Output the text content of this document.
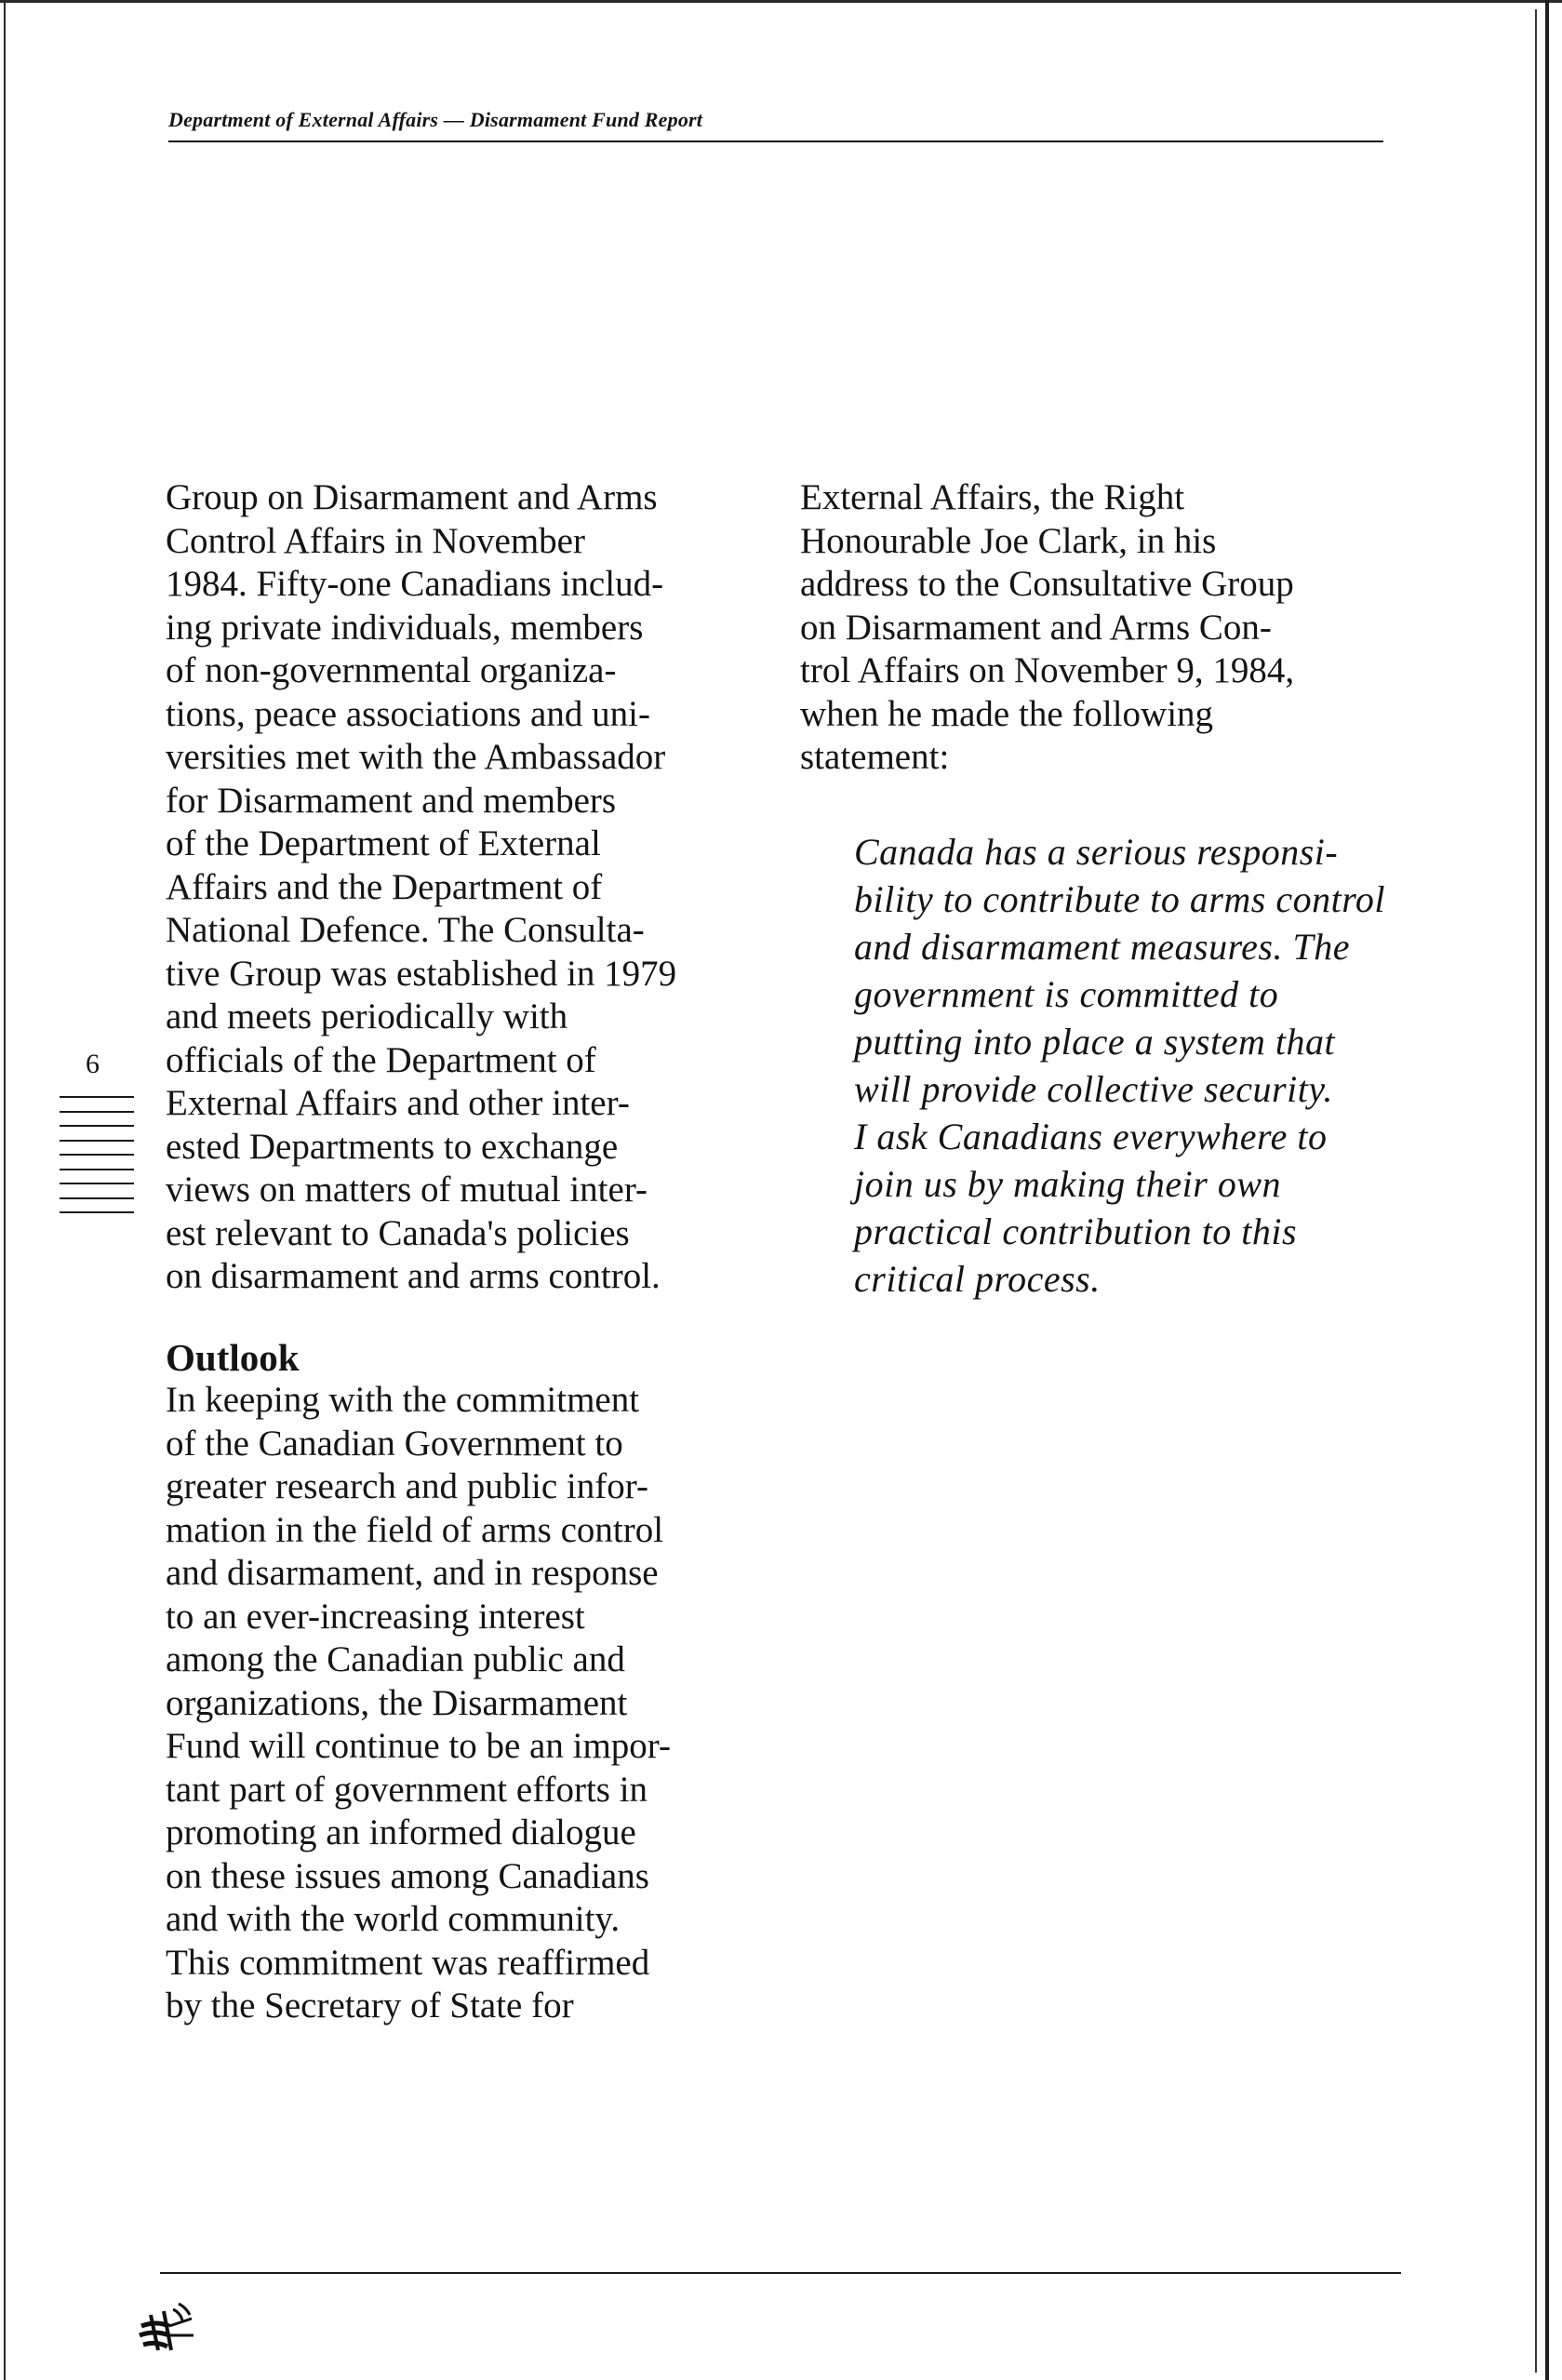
Department of External Affairs — Disarmament Fund Report
6
Group on Disarmament and Arms
Control Affairs in November
1984. Fifty-one Canadians includ-
ing private individuals, members
of non-governmental organiza-
tions, peace associations and uni-
versities met with the Ambassador
for Disarmament and members
of the Department of External
Affairs and the Department of
National Defence. The Consulta-
tive Group was established in 1979
and meets periodically with
officials of the Department of
External Affairs and other inter-
ested Departments to exchange
views on matters of mutual inter-
est relevant to Canada's policies
on disarmament and arms control.
Outlook
In keeping with the commitment
of the Canadian Government to
greater research and public infor-
mation in the field of arms control
and disarmament, and in response
to an ever-increasing interest
among the Canadian public and
organizations, the Disarmament
Fund will continue to be an impor-
tant part of government efforts in
promoting an informed dialogue
on these issues among Canadians
and with the world community.
This commitment was reaffirmed
by the Secretary of State for
External Affairs, the Right
Honourable Joe Clark, in his
address to the Consultative Group
on Disarmament and Arms Con-
trol Affairs on November 9, 1984,
when he made the following
statement:
Canada has a serious responsi-
bility to contribute to arms control
and disarmament measures. The
government is committed to
putting into place a system that
will provide collective security.
I ask Canadians everywhere to
join us by making their own
practical contribution to this
critical process.
